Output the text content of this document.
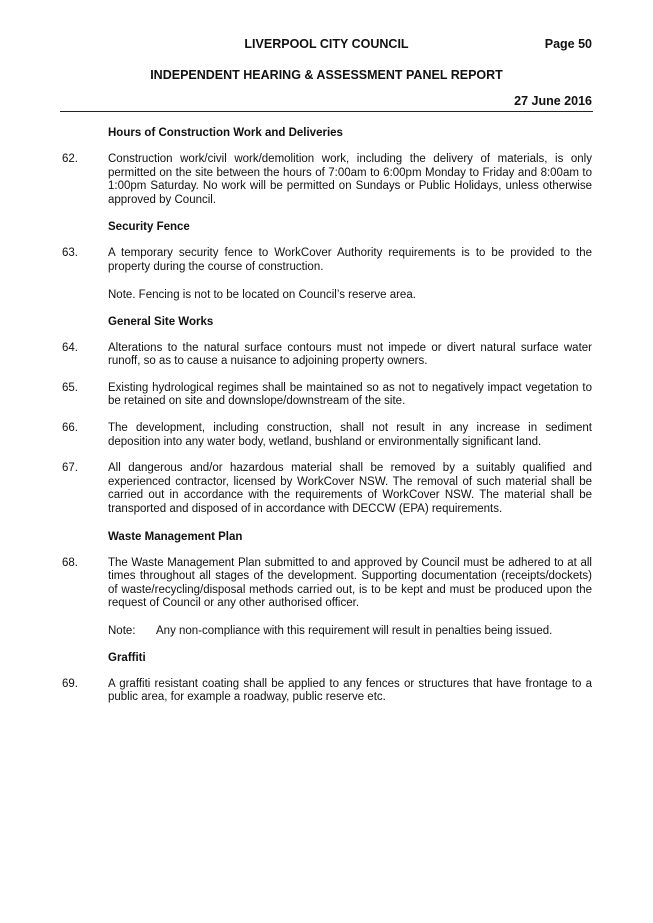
LIVERPOOL CITY COUNCIL	Page 50
INDEPENDENT HEARING & ASSESSMENT PANEL REPORT
27 June 2016
Hours of Construction Work and Deliveries
62.	Construction work/civil work/demolition work, including the delivery of materials, is only permitted on the site between the hours of 7:00am to 6:00pm Monday to Friday and 8:00am to 1:00pm Saturday. No work will be permitted on Sundays or Public Holidays, unless otherwise approved by Council.
Security Fence
63.	A temporary security fence to WorkCover Authority requirements is to be provided to the property during the course of construction.
Note. Fencing is not to be located on Council’s reserve area.
General Site Works
64.	Alterations to the natural surface contours must not impede or divert natural surface water runoff, so as to cause a nuisance to adjoining property owners.
65.	Existing hydrological regimes shall be maintained so as not to negatively impact vegetation to be retained on site and downslope/downstream of the site.
66.	The development, including construction, shall not result in any increase in sediment deposition into any water body, wetland, bushland or environmentally significant land.
67.	All dangerous and/or hazardous material shall be removed by a suitably qualified and experienced contractor, licensed by WorkCover NSW. The removal of such material shall be carried out in accordance with the requirements of WorkCover NSW. The material shall be transported and disposed of in accordance with DECCW (EPA) requirements.
Waste Management Plan
68.	The Waste Management Plan submitted to and approved by Council must be adhered to at all times throughout all stages of the development. Supporting documentation (receipts/dockets) of waste/recycling/disposal methods carried out, is to be kept and must be produced upon the request of Council or any other authorised officer.
Note:	Any non-compliance with this requirement will result in penalties being issued.
Graffiti
69.	A graffiti resistant coating shall be applied to any fences or structures that have frontage to a public area, for example a roadway, public reserve etc.
